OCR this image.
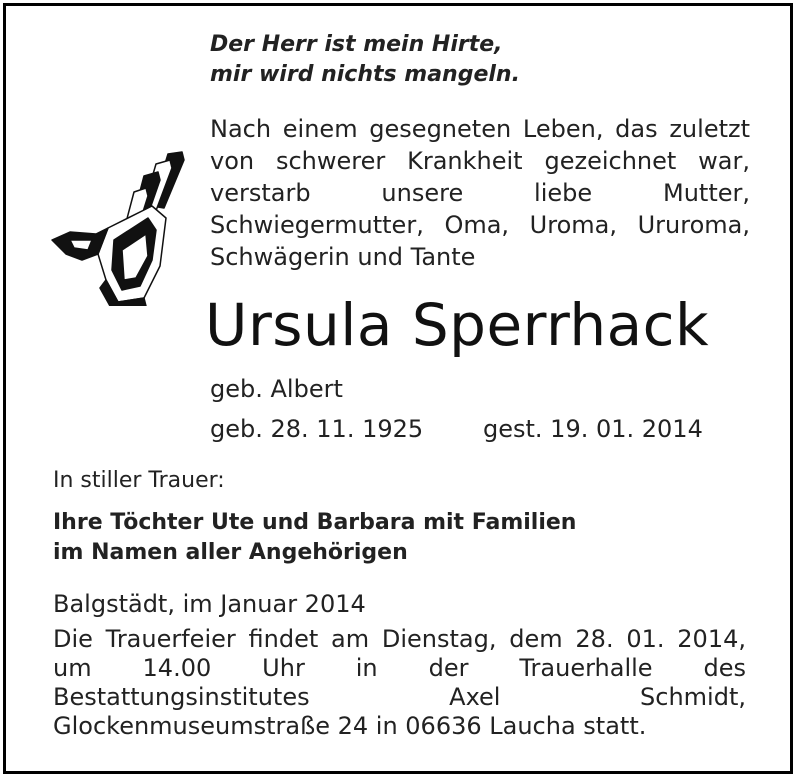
Der Herr ist mein Hirte,
mir wird nichts mangeln.
Nach einem gesegneten Leben, das zuletzt von schwerer Krankheit gezeichnet war, verstarb unsere liebe Mutter, Schwiegermutter, Oma, Uroma, Ururoma, Schwägerin und Tante
Ursula Sperrhack
geb. Albert
geb. 28. 11. 1925 gest. 19. 01. 2014
In stiller Trauer:
Ihre Töchter Ute und Barbara mit Familien
im Namen aller Angehörigen
Balgstädt, im Januar 2014
Die Trauerfeier findet am Dienstag, dem 28. 01. 2014, um 14.00 Uhr in der Trauerhalle des Bestattungsinstitutes Axel Schmidt, Glockenmuseumstraße 24 in 06636 Laucha statt.
